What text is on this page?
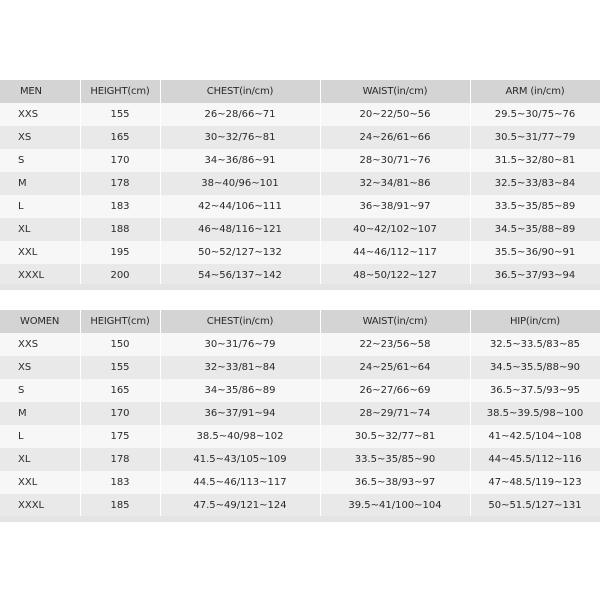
MEN	HEIGHT(cm)	CHEST(in/cm)	WAIST(in/cm)	ARM (in/cm)
XXS	155	26~28/66~71	20~22/50~56	29.5~30/75~76
XS	165	30~32/76~81	24~26/61~66	30.5~31/77~79
S	170	34~36/86~91	28~30/71~76	31.5~32/80~81
M	178	38~40/96~101	32~34/81~86	32.5~33/83~84
L	183	42~44/106~111	36~38/91~97	33.5~35/85~89
XL	188	46~48/116~121	40~42/102~107	34.5~35/88~89
XXL	195	50~52/127~132	44~46/112~117	35.5~36/90~91
XXXL	200	54~56/137~142	48~50/122~127	36.5~37/93~94
WOMEN	HEIGHT(cm)	CHEST(in/cm)	WAIST(in/cm)	HIP(in/cm)
XXS	150	30~31/76~79	22~23/56~58	32.5~33.5/83~85
XS	155	32~33/81~84	24~25/61~64	34.5~35.5/88~90
S	165	34~35/86~89	26~27/66~69	36.5~37.5/93~95
M	170	36~37/91~94	28~29/71~74	38.5~39.5/98~100
L	175	38.5~40/98~102	30.5~32/77~81	41~42.5/104~108
XL	178	41.5~43/105~109	33.5~35/85~90	44~45.5/112~116
XXL	183	44.5~46/113~117	36.5~38/93~97	47~48.5/119~123
XXXL	185	47.5~49/121~124	39.5~41/100~104	50~51.5/127~131
